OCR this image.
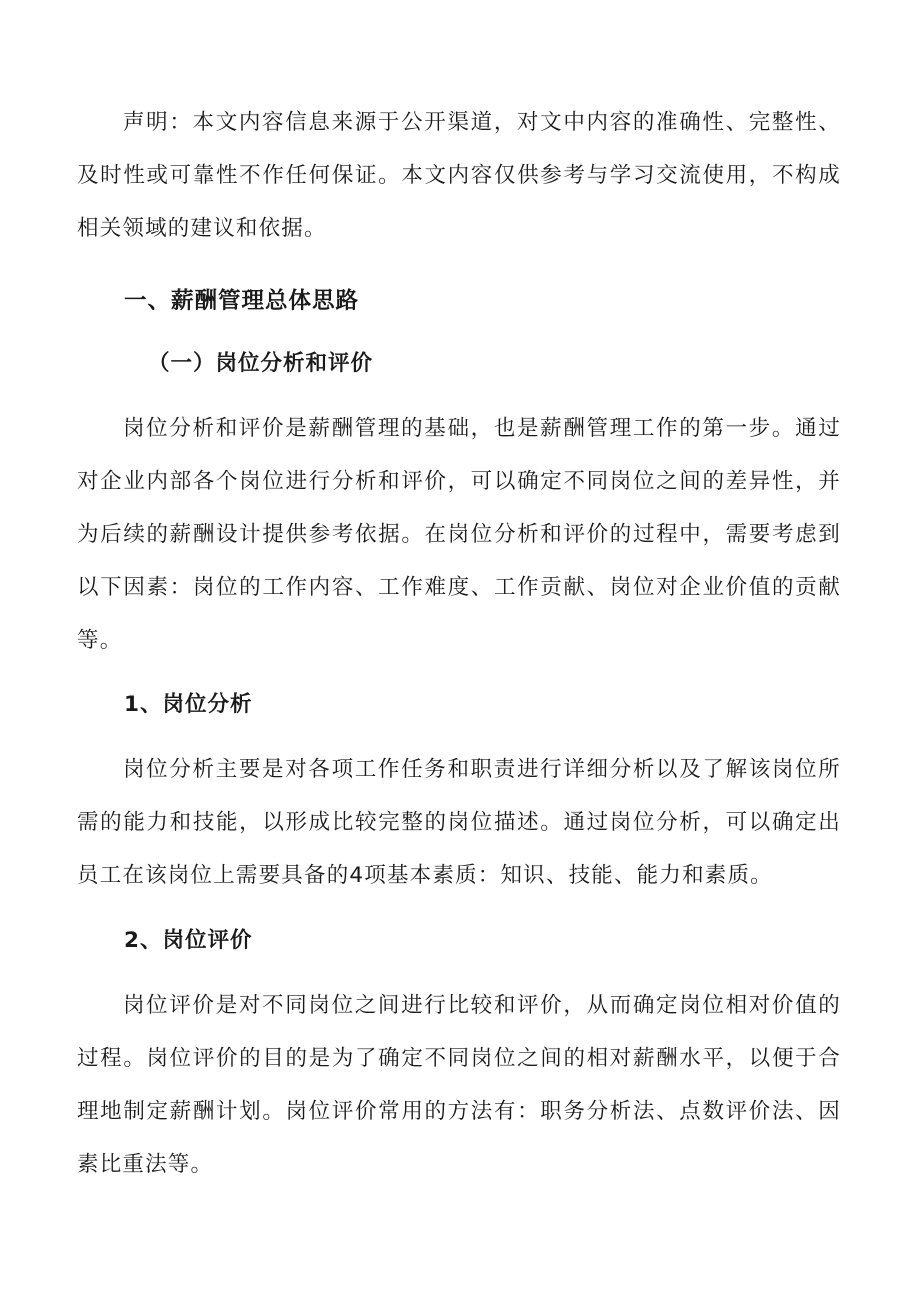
声明：本文内容信息来源于公开渠道，对文中内容的准确性、完整性、及时性或可靠性不作任何保证。本文内容仅供参考与学习交流使用，不构成相关领域的建议和依据。

一、薪酬管理总体思路
（一）岗位分析和评价

岗位分析和评价是薪酬管理的基础，也是薪酬管理工作的第一步。通过对企业内部各个岗位进行分析和评价，可以确定不同岗位之间的差异性，并为后续的薪酬设计提供参考依据。在岗位分析和评价的过程中，需要考虑到以下因素：岗位的工作内容、工作难度、工作贡献、岗位对企业价值的贡献等。

1、岗位分析

岗位分析主要是对各项工作任务和职责进行详细分析以及了解该岗位所需的能力和技能，以形成比较完整的岗位描述。通过岗位分析，可以确定出员工在该岗位上需要具备的4项基本素质：知识、技能、能力和素质。

2、岗位评价

岗位评价是对不同岗位之间进行比较和评价，从而确定岗位相对价值的过程。岗位评价的目的是为了确定不同岗位之间的相对薪酬水平，以便于合理地制定薪酬计划。岗位评价常用的方法有：职务分析法、点数评价法、因素比重法等。
